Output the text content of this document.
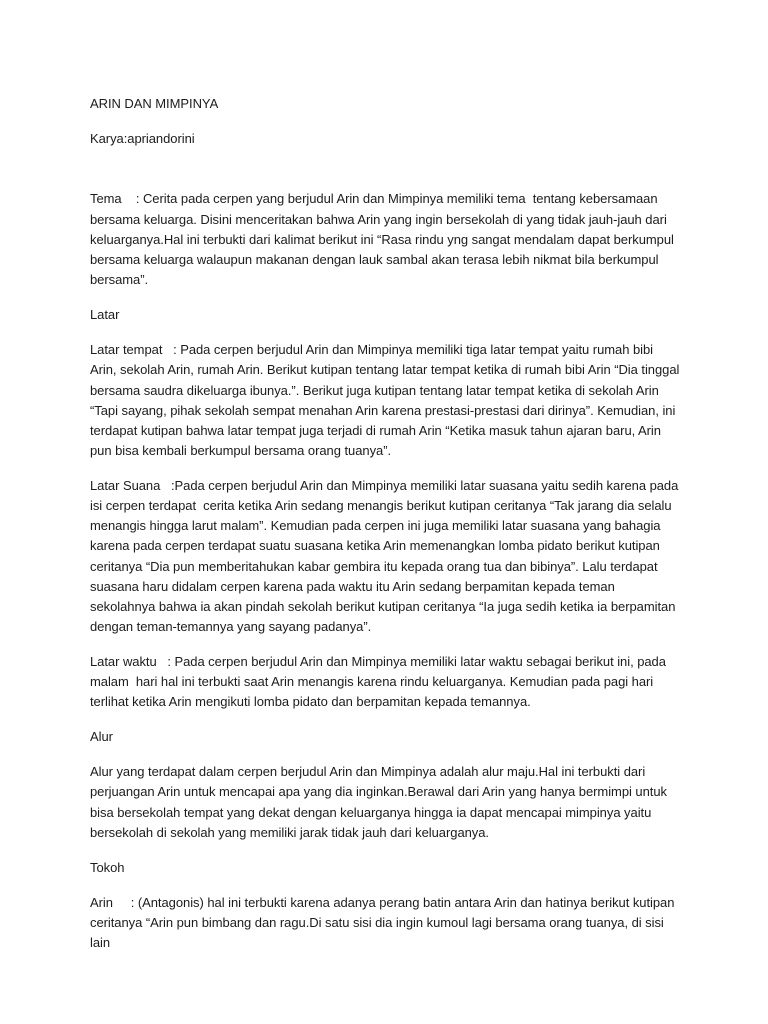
ARIN DAN MIMPINYA

Karya:apriandorini

Tema    : Cerita pada cerpen yang berjudul Arin dan Mimpinya memiliki tema  tentang kebersamaan bersama keluarga. Disini menceritakan bahwa Arin yang ingin bersekolah di yang tidak jauh-jauh dari keluarganya.Hal ini terbukti dari kalimat berikut ini “Rasa rindu yng sangat mendalam dapat berkumpul bersama keluarga walaupun makanan dengan lauk sambal akan terasa lebih nikmat bila berkumpul bersama”.

Latar

Latar tempat   : Pada cerpen berjudul Arin dan Mimpinya memiliki tiga latar tempat yaitu rumah bibi Arin, sekolah Arin, rumah Arin. Berikut kutipan tentang latar tempat ketika di rumah bibi Arin “Dia tinggal bersama saudra dikeluarga ibunya.”. Berikut juga kutipan tentang latar tempat ketika di sekolah Arin “Tapi sayang, pihak sekolah sempat menahan Arin karena prestasi-prestasi dari dirinya”. Kemudian, ini terdapat kutipan bahwa latar tempat juga terjadi di rumah Arin “Ketika masuk tahun ajaran baru, Arin pun bisa kembali berkumpul bersama orang tuanya”.

Latar Suana   :Pada cerpen berjudul Arin dan Mimpinya memiliki latar suasana yaitu sedih karena pada isi cerpen terdapat  cerita ketika Arin sedang menangis berikut kutipan ceritanya “Tak jarang dia selalu menangis hingga larut malam”. Kemudian pada cerpen ini juga memiliki latar suasana yang bahagia karena pada cerpen terdapat suatu suasana ketika Arin memenangkan lomba pidato berikut kutipan ceritanya “Dia pun memberitahukan kabar gembira itu kepada orang tua dan bibinya”. Lalu terdapat suasana haru didalam cerpen karena pada waktu itu Arin sedang berpamitan kepada teman sekolahnya bahwa ia akan pindah sekolah berikut kutipan ceritanya “Ia juga sedih ketika ia berpamitan dengan teman-temannya yang sayang padanya”.

Latar waktu   : Pada cerpen berjudul Arin dan Mimpinya memiliki latar waktu sebagai berikut ini, pada malam  hari hal ini terbukti saat Arin menangis karena rindu keluarganya. Kemudian pada pagi hari terlihat ketika Arin mengikuti lomba pidato dan berpamitan kepada temannya.

Alur

Alur yang terdapat dalam cerpen berjudul Arin dan Mimpinya adalah alur maju.Hal ini terbukti dari perjuangan Arin untuk mencapai apa yang dia inginkan.Berawal dari Arin yang hanya bermimpi untuk bisa bersekolah tempat yang dekat dengan keluarganya hingga ia dapat mencapai mimpinya yaitu bersekolah di sekolah yang memiliki jarak tidak jauh dari keluarganya.

Tokoh

Arin     : (Antagonis) hal ini terbukti karena adanya perang batin antara Arin dan hatinya berikut kutipan ceritanya “Arin pun bimbang dan ragu.Di satu sisi dia ingin kumoul lagi bersama orang tuanya, di sisi lain
